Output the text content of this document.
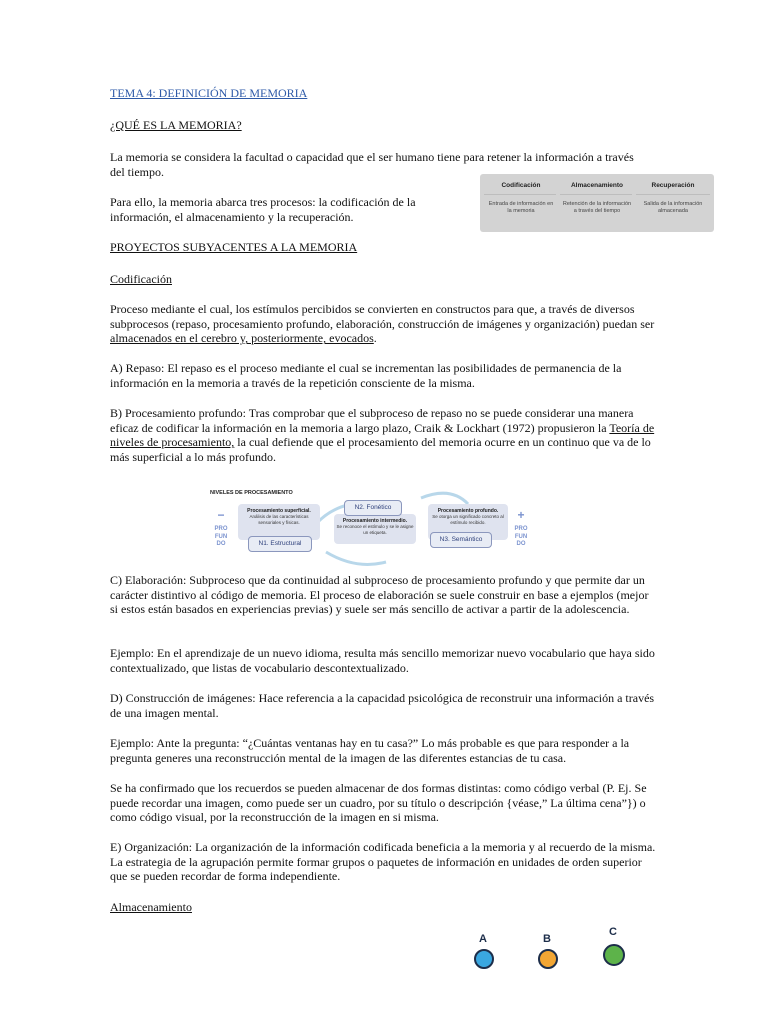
TEMA 4: DEFINICIÓN DE MEMORIA

¿QUÉ ES LA MEMORIA?

La memoria se considera la facultad o capacidad que el ser humano tiene para retener la información a través del tiempo.

Para ello, la memoria abarca tres procesos: la codificación de la información, el almacenamiento y la recuperación.

Codificación
Entrada de información en la memoria
Almacenamiento
Retención de la información a través del tiempo
Recuperación
Salida de la información almacenada

PROYECTOS SUBYACENTES A LA MEMORIA

Codificación

Proceso mediante el cual, los estímulos percibidos se convierten en constructos para que, a través de diversos subprocesos (repaso, procesamiento profundo, elaboración, construcción de imágenes y organización) puedan ser almacenados en el cerebro y, posteriormente, evocados.

A) Repaso: El repaso es el proceso mediante el cual se incrementan las posibilidades de permanencia de la información en la memoria a través de la repetición consciente de la misma.

B) Procesamiento profundo: Tras comprobar que el subproceso de repaso no se puede considerar una manera eficaz de codificar la información en la memoria a largo plazo, Craik & Lockhart (1972) propusieron la Teoría de niveles de procesamiento, la cual defiende que el procesamiento del memoria ocurre en un continuo que va de lo más superficial a lo más profundo.

NIVELES DE PROCESAMIENTO
−
PRO FUN DO
+
PRO FUN DO
Procesamiento superficial.
Análisis de las características sensoriales y físicas.	Procesamiento intermedio.
Se reconoce el estímulo y se le asigne un etiqueta.
Procesamiento profundo.
Se otorga un significado concreto al estímulo recibido.
N1. Estructural
N2. Fonético
N3. Semántico

C) Elaboración: Subproceso que da continuidad al subproceso de procesamiento profundo y que permite dar un carácter distintivo al código de memoria. El proceso de elaboración se suele construir en base a ejemplos (mejor si estos están basados en experiencias previas) y suele ser más sencillo de activar a partir de la adolescencia.

Ejemplo: En el aprendizaje de un nuevo idioma, resulta más sencillo memorizar nuevo vocabulario que haya sido contextualizado, que listas de vocabulario descontextualizado.

D) Construcción de imágenes: Hace referencia a la capacidad psicológica de reconstruir una información a través de una imagen mental.

Ejemplo: Ante la pregunta: “¿Cuántas ventanas hay en tu casa?” Lo más probable es que para responder a la pregunta generes una reconstrucción mental de la imagen de las diferentes estancias de tu casa.

Se ha confirmado que los recuerdos se pueden almacenar de dos formas distintas: como código verbal (P. Ej. Se puede recordar una imagen, como puede ser un cuadro, por su título o descripción {véase,” La última cena”}) o como código visual, por la reconstrucción de la imagen en si misma.

E) Organización: La organización de la información codificada beneficia a la memoria y al recuerdo de la misma. La estrategia de la agrupación permite formar grupos o paquetes de información en unidades de orden superior que se pueden recordar de forma independiente.

Almacenamiento

A	B
C
